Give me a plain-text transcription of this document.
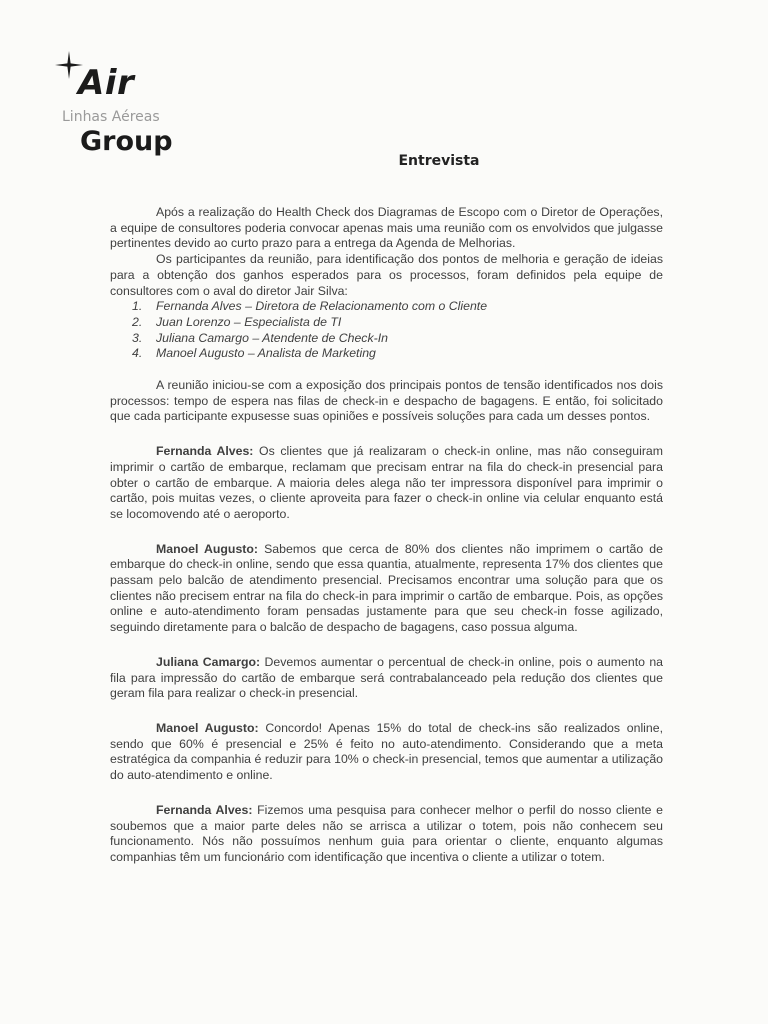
Air
Linhas Aéreas
Group
Entrevista

Após a realização do Health Check dos Diagramas de Escopo com o Diretor de Operações, a equipe de consultores poderia convocar apenas mais uma reunião com os envolvidos que julgasse pertinentes devido ao curto prazo para a entrega da Agenda de Melhorias.

Os participantes da reunião, para identificação dos pontos de melhoria e geração de ideias para a obtenção dos ganhos esperados para os processos, foram definidos pela equipe de consultores com o aval do diretor Jair Silva:

1. Fernanda Alves – Diretora de Relacionamento com o Cliente
2. Juan Lorenzo – Especialista de TI
3. Juliana Camargo – Atendente de Check-In
4. Manoel Augusto – Analista de Marketing

A reunião iniciou-se com a exposição dos principais pontos de tensão identificados nos dois processos: tempo de espera nas filas de check-in e despacho de bagagens. E então, foi solicitado que cada participante expusesse suas opiniões e possíveis soluções para cada um desses pontos.

Fernanda Alves: Os clientes que já realizaram o check-in online, mas não conseguiram imprimir o cartão de embarque, reclamam que precisam entrar na fila do check-in presencial para obter o cartão de embarque. A maioria deles alega não ter impressora disponível para imprimir o cartão, pois muitas vezes, o cliente aproveita para fazer o check-in online via celular enquanto está se locomovendo até o aeroporto.

Manoel Augusto: Sabemos que cerca de 80% dos clientes não imprimem o cartão de embarque do check-in online, sendo que essa quantia, atualmente, representa 17% dos clientes que passam pelo balcão de atendimento presencial. Precisamos encontrar uma solução para que os clientes não precisem entrar na fila do check-in para imprimir o cartão de embarque. Pois, as opções online e auto-atendimento foram pensadas justamente para que seu check-in fosse agilizado, seguindo diretamente para o balcão de despacho de bagagens, caso possua alguma.

Juliana Camargo: Devemos aumentar o percentual de check-in online, pois o aumento na fila para impressão do cartão de embarque será contrabalanceado pela redução dos clientes que geram fila para realizar o check-in presencial.

Manoel Augusto: Concordo! Apenas 15% do total de check-ins são realizados online, sendo que 60% é presencial e 25% é feito no auto-atendimento. Considerando que a meta estratégica da companhia é reduzir para 10% o check-in presencial, temos que aumentar a utilização do auto-atendimento e online.

Fernanda Alves: Fizemos uma pesquisa para conhecer melhor o perfil do nosso cliente e soubemos que a maior parte deles não se arrisca a utilizar o totem, pois não conhecem seu funcionamento. Nós não possuímos nenhum guia para orientar o cliente, enquanto algumas companhias têm um funcionário com identificação que incentiva o cliente a utilizar o totem.
